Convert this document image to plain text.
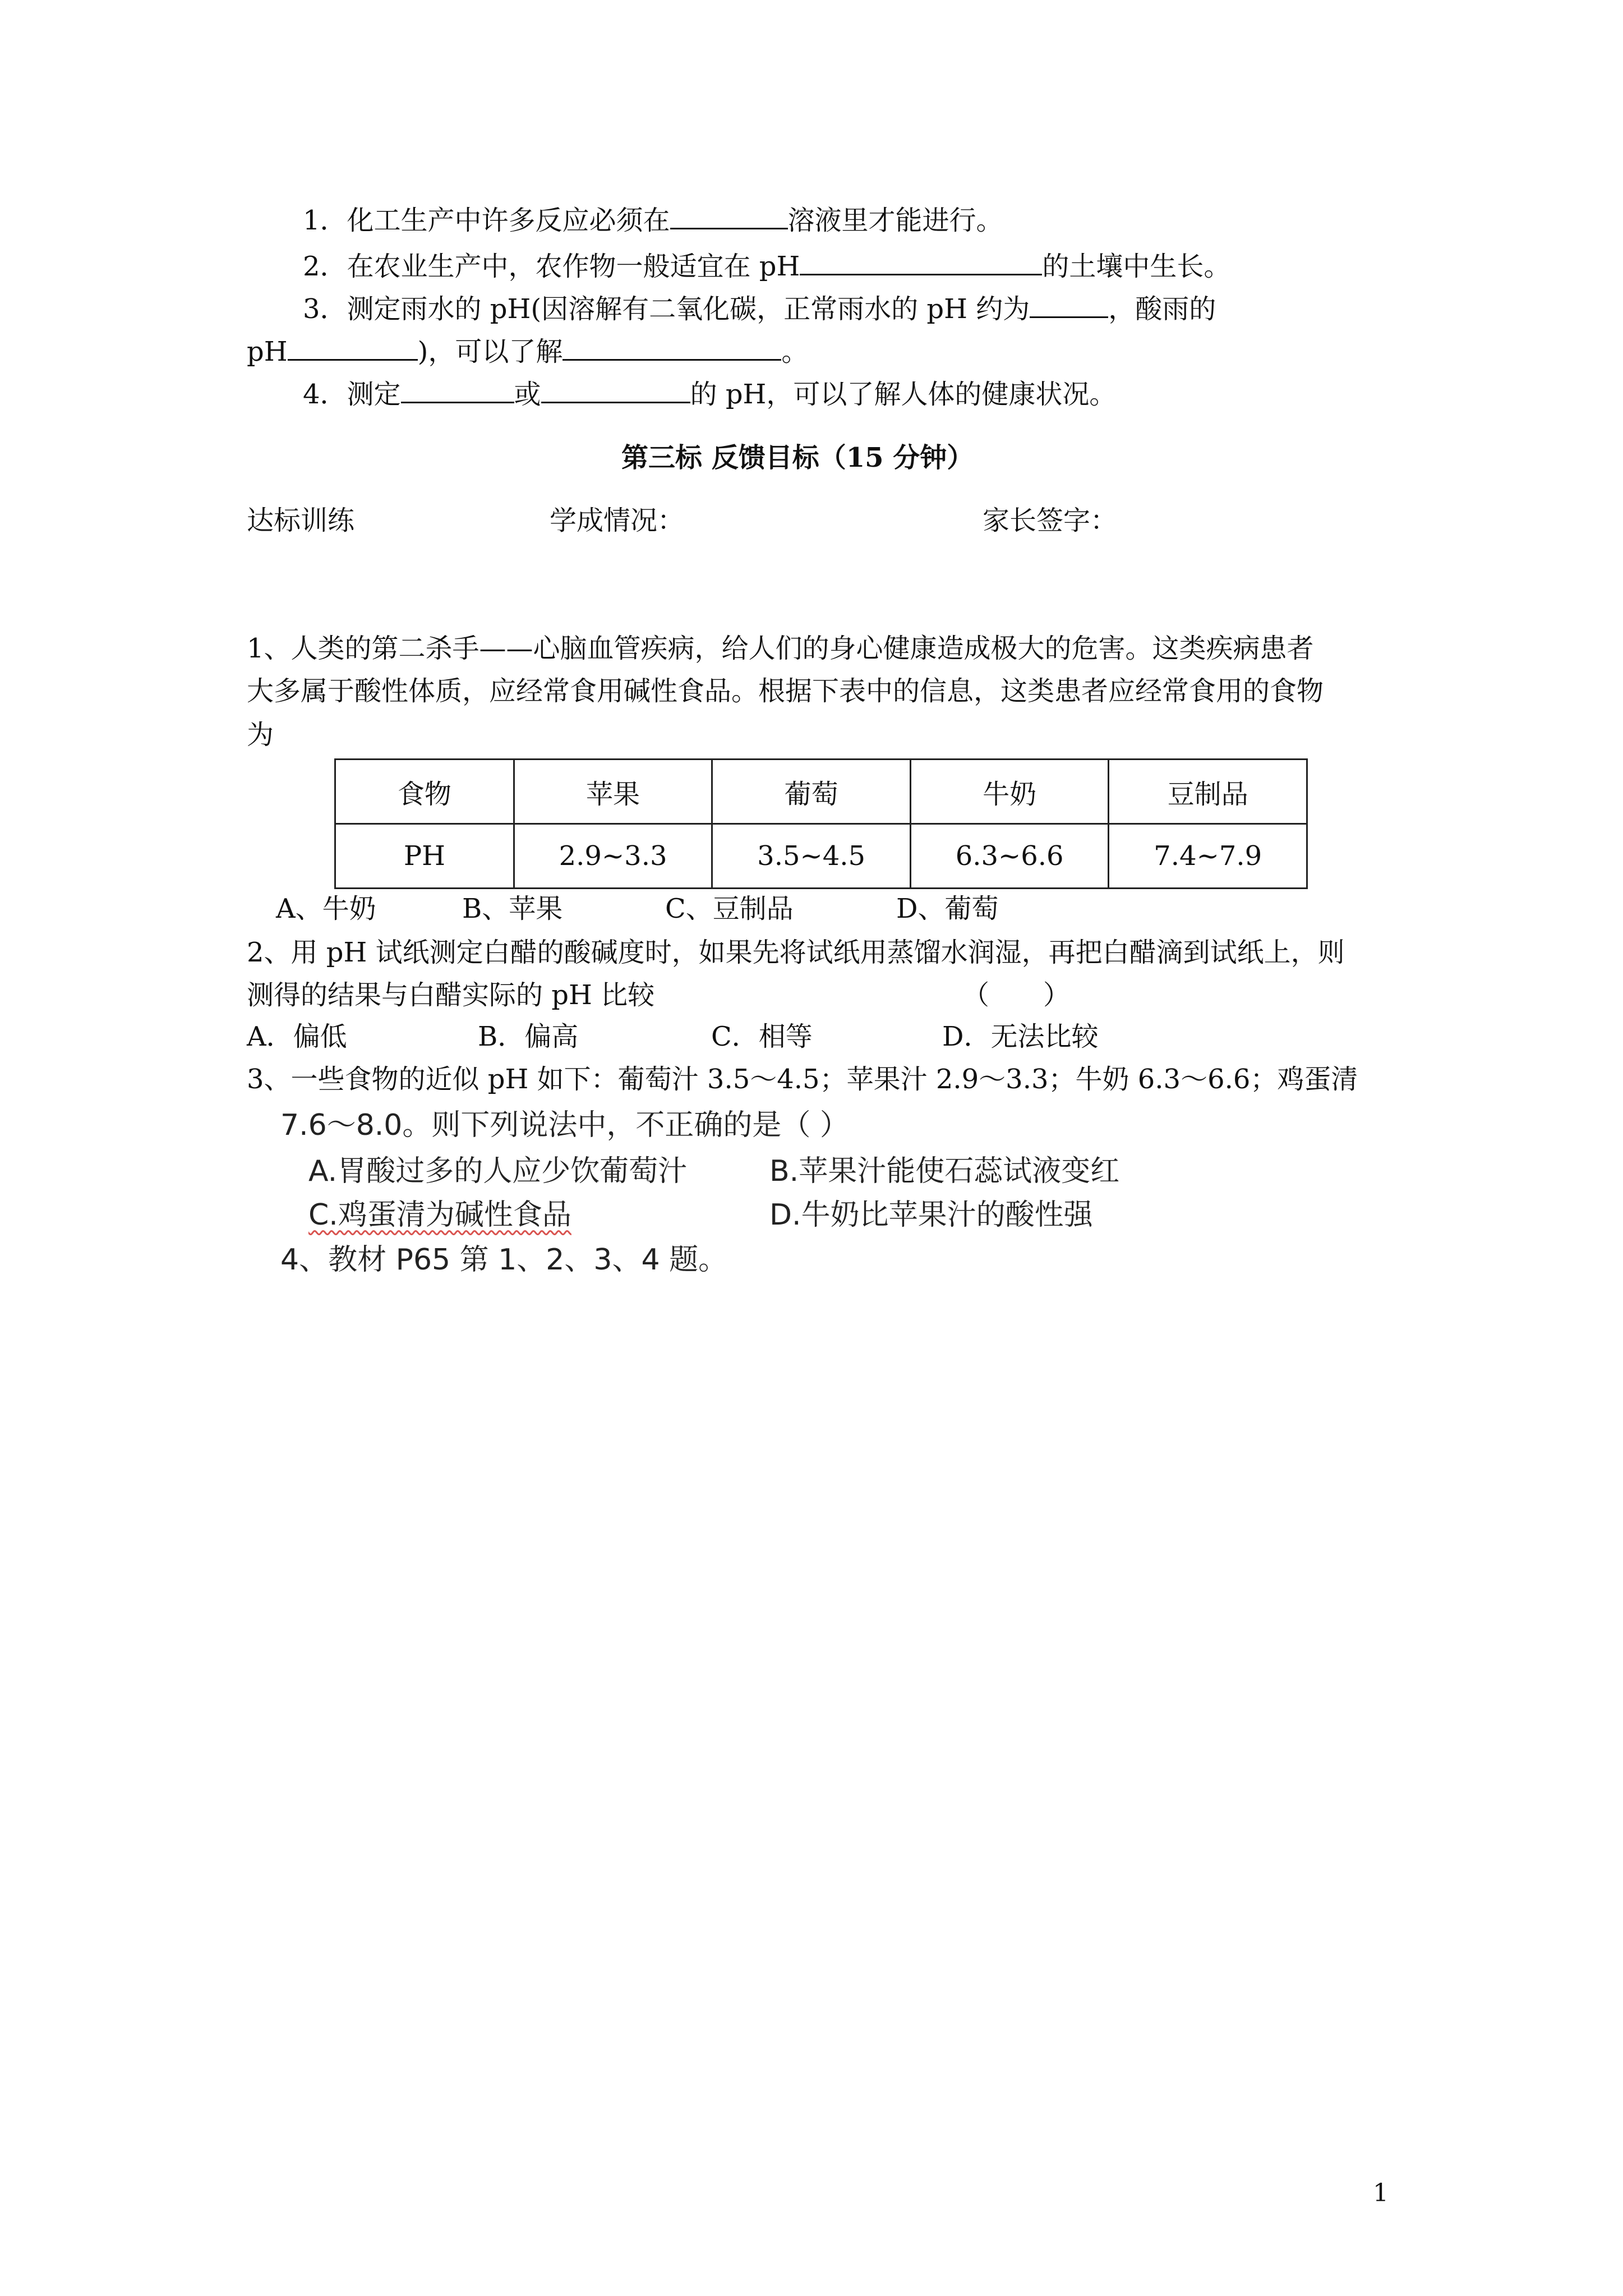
1．化工生产中许多反应必须在	溶液里才能进行。
2．在农业生产中，农作物一般适宜在 pH	的土壤中生长。
3．测定雨水的 pH(因溶解有二氧化碳，正常雨水的 pH 约为	，酸雨的
pH	)，可以了解	。
4．测定	或	的 pH，可以了解人体的健康状况。
第三标 反馈目标（15 分钟）
达标训练	学成情况：	家长签字：
1、人类的第二杀手——心脑血管疾病，给人们的身心健康造成极大的危害。这类疾病患者
大多属于酸性体质，应经常食用碱性食品。根据下表中的信息，这类患者应经常食用的食物
为
食物	苹果	葡萄	牛奶	豆制品
PH	2.9~3.3	3.5~4.5	6.3~6.6	7.4~7.9
A、牛奶	B、苹果	C、豆制品	D、葡萄
2、用 pH 试纸测定白醋的酸碱度时，如果先将试纸用蒸馏水润湿，再把白醋滴到试纸上，则
测得的结果与白醋实际的 pH 比较	（　　）
A．偏低	B．偏高	C．相等	D．无法比较
3、一些食物的近似 pH 如下：葡萄汁 3.5～4.5；苹果汁 2.9～3.3；牛奶 6.3～6.6；鸡蛋清
7.6～8.0。则下列说法中，不正确的是（ ）
A.胃酸过多的人应少饮葡萄汁	B.苹果汁能使石蕊试液变红
C.鸡蛋清为碱性食品	D.牛奶比苹果汁的酸性强
4、教材 P65 第 1、2、3、4 题。
1
